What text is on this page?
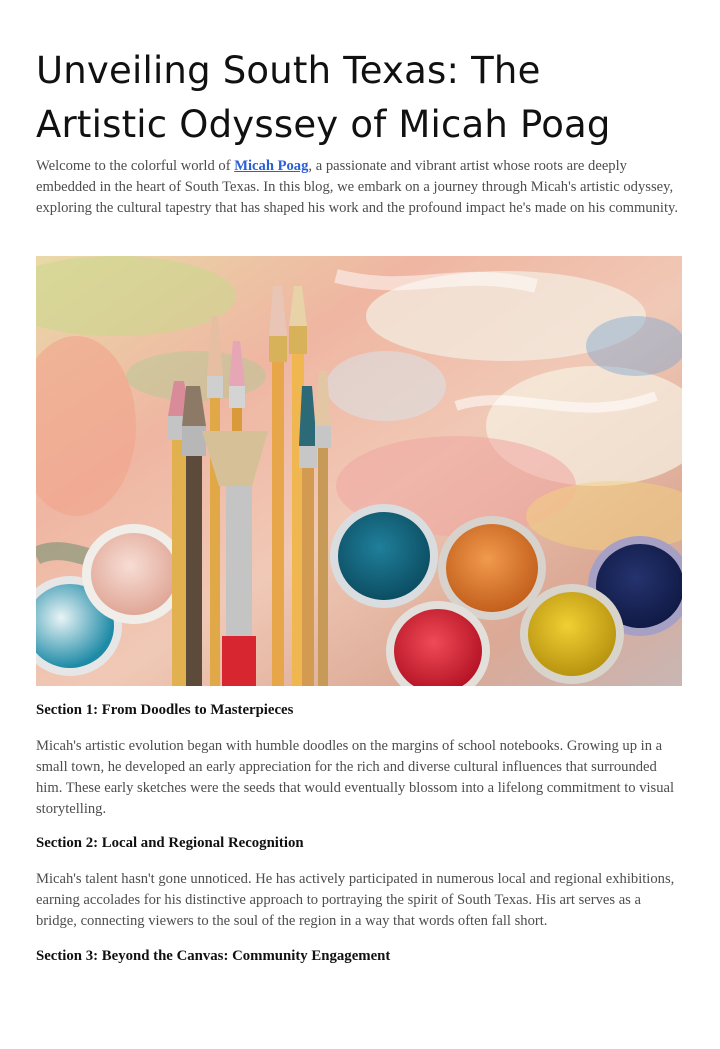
Unveiling South Texas: The Artistic Odyssey of Micah Poag

Welcome to the colorful world of Micah Poag, a passionate and vibrant artist whose roots are deeply embedded in the heart of South Texas. In this blog, we embark on a journey through Micah's artistic odyssey, exploring the cultural tapestry that has shaped his work and the profound impact he's made on his community.

Section 1: From Doodles to Masterpieces

Micah's artistic evolution began with humble doodles on the margins of school notebooks. Growing up in a small town, he developed an early appreciation for the rich and diverse cultural influences that surrounded him. These early sketches were the seeds that would eventually blossom into a lifelong commitment to visual storytelling.

Section 2: Local and Regional Recognition

Micah's talent hasn't gone unnoticed. He has actively participated in numerous local and regional exhibitions, earning accolades for his distinctive approach to portraying the spirit of South Texas. His art serves as a bridge, connecting viewers to the soul of the region in a way that words often fall short.

Section 3: Beyond the Canvas: Community Engagement
